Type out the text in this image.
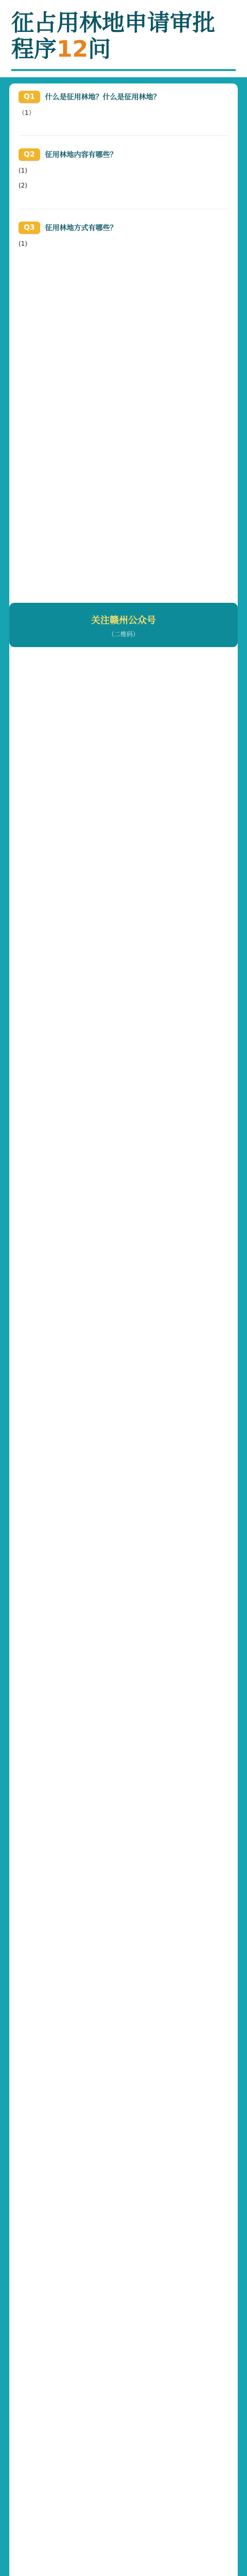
征占用林地申请审批程序12问
Q1	什么是征用林地？什么是征用林地？

（1）

Q2	征用林地内容有哪些？

(1)

(2)

Q3	征用林地方式有哪些？

(1)

关注赣州公众号
（二维码）
